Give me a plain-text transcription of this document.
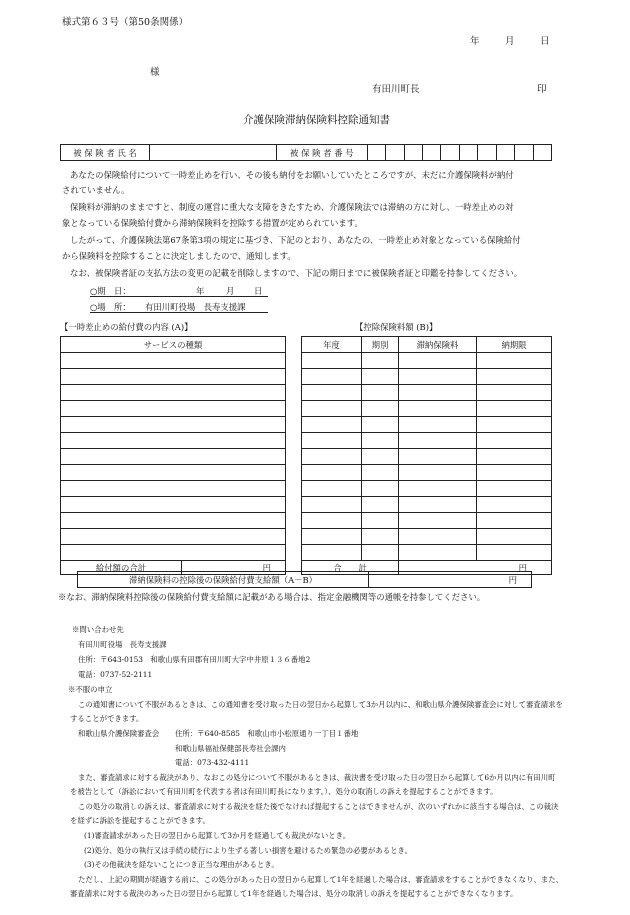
様式第６３号（第50条関係）
年	月	日
様
有田川町長	印
介護保険滞納保険料控除通知書
被 保 険 者 氏 名		被 保 険 者 番 号										
あなたの保険給付について一時差止めを行い、その後も納付をお願いしていたところですが、未だに介護保険料が納付
されていません。
保険料が滞納のままですと、制度の運営に重大な支障をきたすため、介護保険法では滞納の方に対し、一時差止めの対
象となっている保険給付費から滞納保険料を控除する措置が定められています。
したがって、介護保険法第67条第3項の規定に基づき、下記のとおり、あなたの、一時差止め対象となっている保険給付
から保険料を控除することに決定しましたので、通知します。
なお、被保険者証の支払方法の変更の記載を削除しますので、下記の期日までに被保険者証と印鑑を持参してください。
○期　日：	年	月 日
○場　所： 有田川町役場　長寿支援課
【一時差止めの給付費の内容 (A)】	【控除保険料額 (B)】
サービスの種類

給付額の合計	円
年度	期別	滞納保険料	納期限

合　　計		円	
滞納保険料の控除後の保険給付費支給額（A－B）	円
※なお、滞納保険料控除後の保険給付費支給額に記載がある場合は、指定金融機関等の通帳を持参してください。
※問い合わせ先
有田川町役場　長寿支援課
住所：〒643-0153　和歌山県有田郡有田川町大字中井原１３６番地2
電話：0737-52-2111
※不服の申立
この通知書について不服があるときは、この通知書を受け取った日の翌日から起算して3か月以内に、和歌山県介護保険審査会に対して審査請求を
することができます。
和歌山県介護保険審査会 住所：〒640-8585　和歌山市小松原通り一丁目１番地
和歌山県福祉保健部長寿社会課内
電話：073-432-4111
また、審査請求に対する裁決があり、なおこの処分について不服があるときは、裁決書を受け取った日の翌日から起算して6か月以内に有田川町
を被告として（訴訟において有田川町を代表する者は有田川町長になります。）、処分の取消しの訴えを提起することができます。
この処分の取消しの訴えは、審査請求に対する裁決を経た後でなければ提起することはできませんが、次のいずれかに該当する場合は、この裁決
を経ずに訴訟を提起することができます。
(1)審査請求があった日の翌日から起算して3か月を経過しても裁決がないとき。
(2)処分、処分の執行又は手続の続行により生ずる著しい損害を避けるため緊急の必要があるとき。
(3)その他裁決を経ないことにつき正当な理由があるとき。
ただし、上記の期間が経過する前に、この処分があった日の翌日から起算して1年を経過した場合は、審査請求をすることができなくなり、また、
審査請求に対する裁決のあった日の翌日から起算して1年を経過した場合は、処分の取消しの訴えを提起することができなくなります。
